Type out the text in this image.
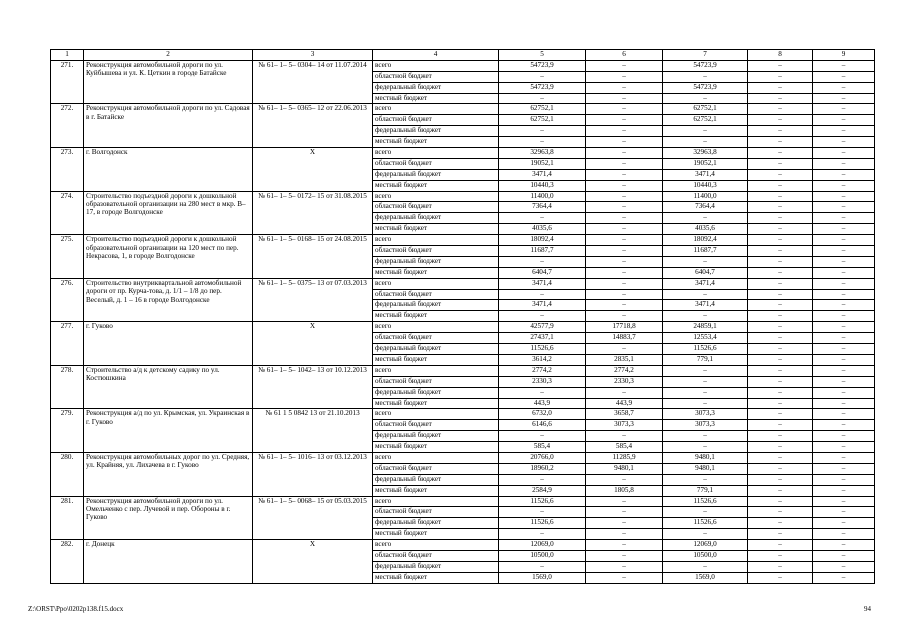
1	2	3	4	5	6	7	8	9
271.	Реконструкция автомобильной дороги по ул. Куйбышева и ул. К. Цеткин в городе Батайске	№ 61– 1– 5– 0304– 14 от 11.07.2014	всего	54723,9	–	54723,9	–	–
			областной бюджет	–	–	–	–	–
			федеральный бюджет	54723,9	–	54723,9	–	–
			местный бюджет	–	–	–	–	–
272.	Реконструкция автомобильной дороги по ул. Садовая в г. Батайске	№ 61– 1– 5– 0365– 12 от 22.06.2013	всего	62752,1	–	62752,1	–	–
			областной бюджет	62752,1	–	62752,1	–	–
			федеральный бюджет	–	–	–	–	–
			местный бюджет	–	–	–	–	–
273.	г. Волгодонск	Х	всего	32963,8	–	32963,8	–	–
			областной бюджет	19052,1	–	19052,1	–	–
			федеральный бюджет	3471,4	–	3471,4	–	–
			местный бюджет	10440,3	–	10440,3	–	–
274.	Строительство подъездной дороги к дошкольной образовательной организации на 280 мест в мкр. В– 17, в городе Волгодонске	№ 61– 1– 5– 0172– 15 от 31.08.2015	всего	11400,0	–	11400,0	–	–
			областной бюджет	7364,4	–	7364,4	–	–
			федеральный бюджет	–	–	–	–	–
			местный бюджет	4035,6	–	4035,6	–	–
275.	Строительство подъездной дороги к дошкольной образовательной организации на 120 мест по пер. Некрасова, 1, в городе Волгодонске	№ 61– 1– 5– 0168– 15 от 24.08.2015	всего	18092,4	–	18092,4	–	–
			областной бюджет	11687,7	–	11687,7	–	–
			федеральный бюджет	–	–	–	–	–
			местный бюджет	6404,7	–	6404,7	–	–
276.	Строительство внутриквартальной автомобильной дороги от пр. Курча-това, д. 1/1 – 1/8 до пер. Веселый, д. 1 – 16 в городе Волгодонске	№ 61– 1– 5– 0375– 13 от 07.03.2013	всего	3471,4	–	3471,4	–	–
			областной бюджет	–	–	–	–	–
			федеральный бюджет	3471,4	–	3471,4	–	–
			местный бюджет	–	–	–	–	–
277.	г. Гуково	Х	всего	42577,9	17718,8	24859,1	–	–
			областной бюджет	27437,1	14883,7	12553,4	–	–
			федеральный бюджет	11526,6	–	11526,6	–	–
			местный бюджет	3614,2	2835,1	779,1	–	–
278.	Строительство а/д к детскому садику по ул. Костюшкина	№ 61– 1– 5– 1042– 13 от 10.12.2013	всего	2774,2	2774,2	–	–	–
			областной бюджет	2330,3	2330,3	–	–	–
			федеральный бюджет	–	–	–	–	–
			местный бюджет	443,9	443,9	–	–	–
279.	Реконструкция а/д по ул. Крымская, ул. Украинская в г. Гуково	№ 61 1 5 0842 13 от 21.10.2013	всего	6732,0	3658,7	3073,3	–	–
			областной бюджет	6146,6	3073,3	3073,3	–	–
			федеральный бюджет	–	–	–	–	–
			местный бюджет	585,4	585,4	–	–	–
280.	Реконструкция автомобильных дорог по ул. Средняя, ул. Крайняя, ул. Лихачева в г. Гуково	№ 61– 1– 5– 1016– 13 от 03.12.2013	всего	20766,0	11285,9	9480,1	–	–
			областной бюджет	18960,2	9480,1	9480,1	–	–
			федеральный бюджет	–	–	–	–	–
			местный бюджет	2584,9	1805,8	779,1	–	–
281.	Реконструкция автомобильной дороги по ул. Омельченко с пер. Лучевой и пер. Обороны в г. Гуково	№ 61– 1– 5– 0068– 15 от 05.03.2015	всего	11526,6	–	11526,6	–	–
			областной бюджет	–	–	–	–	–
			федеральный бюджет	11526,6	–	11526,6	–	–
			местный бюджет	–	–	–	–	–
282.	г. Донецк	Х	всего	12069,0	–	12069,0	–	–
			областной бюджет	10500,0	–	10500,0	–	–
			федеральный бюджет	–	–	–	–	–
			местный бюджет	1569,0	–	1569,0	–	–
Z:\ORST\Ppo\0202p138.f15.docx	94
